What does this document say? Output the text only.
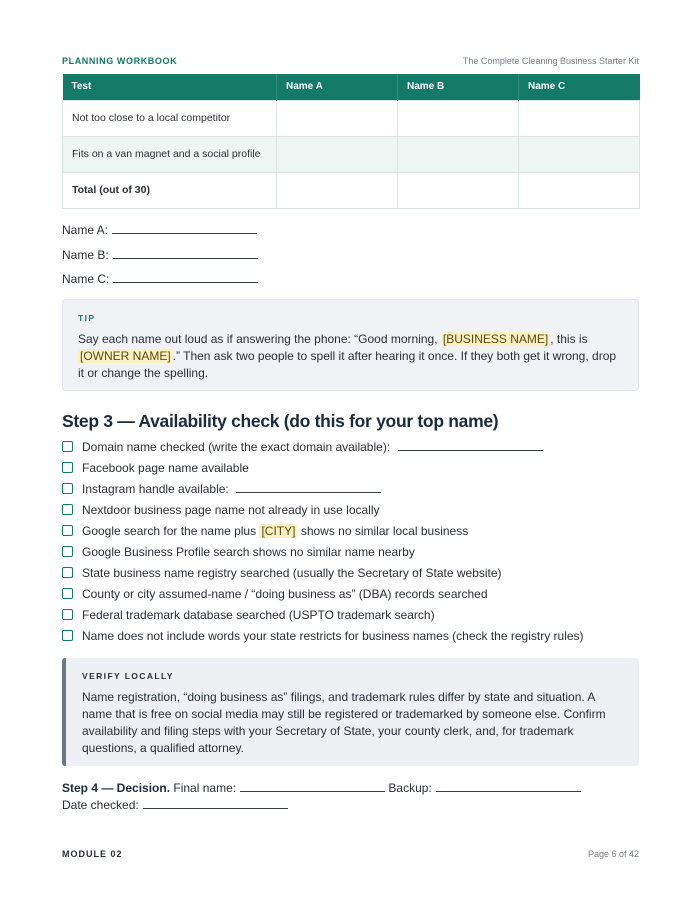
PLANNING WORKBOOK	The Complete Cleaning Business Starter Kit
Test	Name A	Name B	Name C
Not too close to a local competitor			
Fits on a van magnet and a social profile			
Total (out of 30)			
Name A:
Name B:
Name C:
TIP
Say each name out loud as if answering the phone: “Good morning, [BUSINESS NAME] , this is [OWNER NAME] .” Then ask two people to spell it after hearing it once. If they both get it wrong, drop it or change the spelling.
Step 3 — Availability check (do this for your top name)
Domain name checked (write the exact domain available):
Facebook page name available
Instagram handle available:
Nextdoor business page name not already in use locally
Google search for the name plus [CITY] shows no similar local business
Google Business Profile search shows no similar name nearby
State business name registry searched (usually the Secretary of State website)
County or city assumed-name / “doing business as” (DBA) records searched
Federal trademark database searched (USPTO trademark search)
Name does not include words your state restricts for business names (check the registry rules)
VERIFY LOCALLY
Name registration, “doing business as” filings, and trademark rules differ by state and situation. A name that is free on social media may still be registered or trademarked by someone else. Confirm availability and filing steps with your Secretary of State, your county clerk, and, for trademark questions, a qualified attorney.
Step 4 — Decision. Final name:	Backup:
Date checked:
MODULE 02	Page 6 of 42
